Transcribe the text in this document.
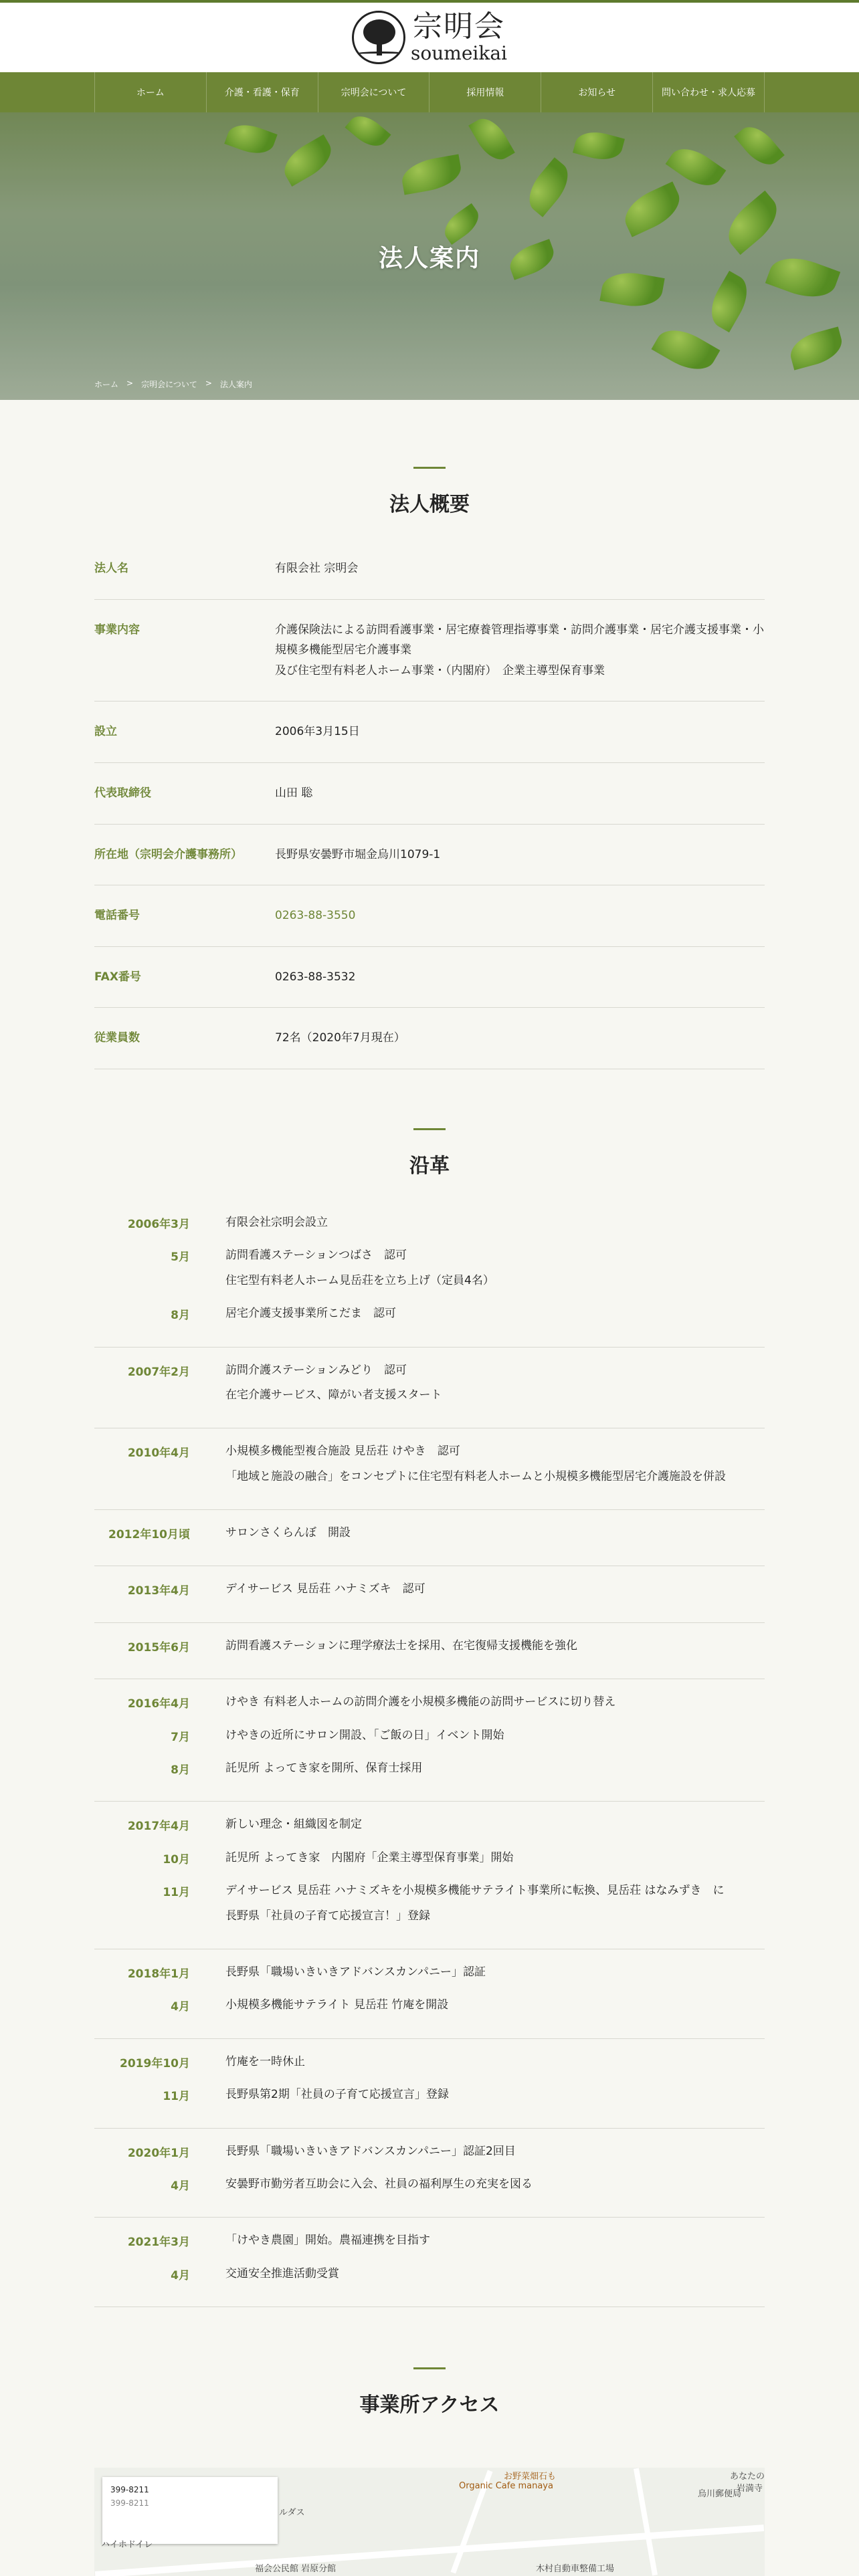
宗明会
soumeikai
ホーム	介護・看護・保育	宗明会について	採用情報	お知らせ	問い合わせ・求人応募
法人案内
ホーム > 宗明会について > 法人案内
法人概要
法人名	有限会社 宗明会
事業内容	介護保険法による訪問看護事業・居宅療養管理指導事業・訪問介護事業・居宅介護支援事業・小規模多機能型居宅介護事業
及び住宅型有料老人ホーム事業・（内閣府）　企業主導型保育事業
設立	2006年3月15日
代表取締役	山田 聡
所在地（宗明会介護事務所）	長野県安曇野市堀金烏川1079-1
電話番号	0263-88-3550
FAX番号	0263-88-3532
従業員数	72名（2020年7月現在）
沿革
2006年3月	有限会社宗明会設立
5月	訪問看護ステーションつばさ　認可
住宅型有料老人ホーム見岳荘を立ち上げ（定員4名）
8月	居宅介護支援事業所こだま　認可
2007年2月	訪問介護ステーションみどり　認可
在宅介護サービス、障がい者支援スタート
2010年4月	小規模多機能型複合施設 見岳荘 けやき　認可
「地域と施設の融合」をコンセプトに住宅型有料老人ホームと小規模多機能型居宅介護施設を併設
2012年10月頃	サロンさくらんぼ　開設
2013年4月	デイサービス 見岳荘 ハナミズキ　認可
2015年6月	訪問看護ステーションに理学療法士を採用、在宅復帰支援機能を強化
2016年4月	けやき 有料老人ホームの訪問介護を小規模多機能の訪問サービスに切り替え
7月	けやきの近所にサロン開設、「ご飯の日」イベント開始
8月	託児所 よってき家を開所、保育士採用
2017年4月	新しい理念・組織図を制定
10月	託児所 よってき家　内閣府「企業主導型保育事業」開始
11月	デイサービス 見岳荘 ハナミズキを小規模多機能サテライト事業所に転換、見岳荘 はなみずき　に
長野県「社員の子育て応援宣言！」登録
2018年1月	長野県「職場いきいきアドバンスカンパニー」認証
4月	小規模多機能サテライト 見岳荘 竹庵を開設
2019年10月	竹庵を一時休止
11月	長野県第2期「社員の子育て応援宣言」登録
2020年1月	長野県「職場いきいきアドバンスカンパニー」認証2回目
4月	安曇野市勤労者互助会に入会、社員の福利厚生の充実を図る
2021年3月	「けやき農園」開始。農福連携を目指す
4月	交通安全推進活動受賞
事業所アクセス
399-8211
399-8211
お野菜畑石も
Organic Cafe manaya
あなたの
烏川郵便局
岩満寺
ハイホドイレ
ルダス
福会公民館 岩原分館	木村自動車整備工場
